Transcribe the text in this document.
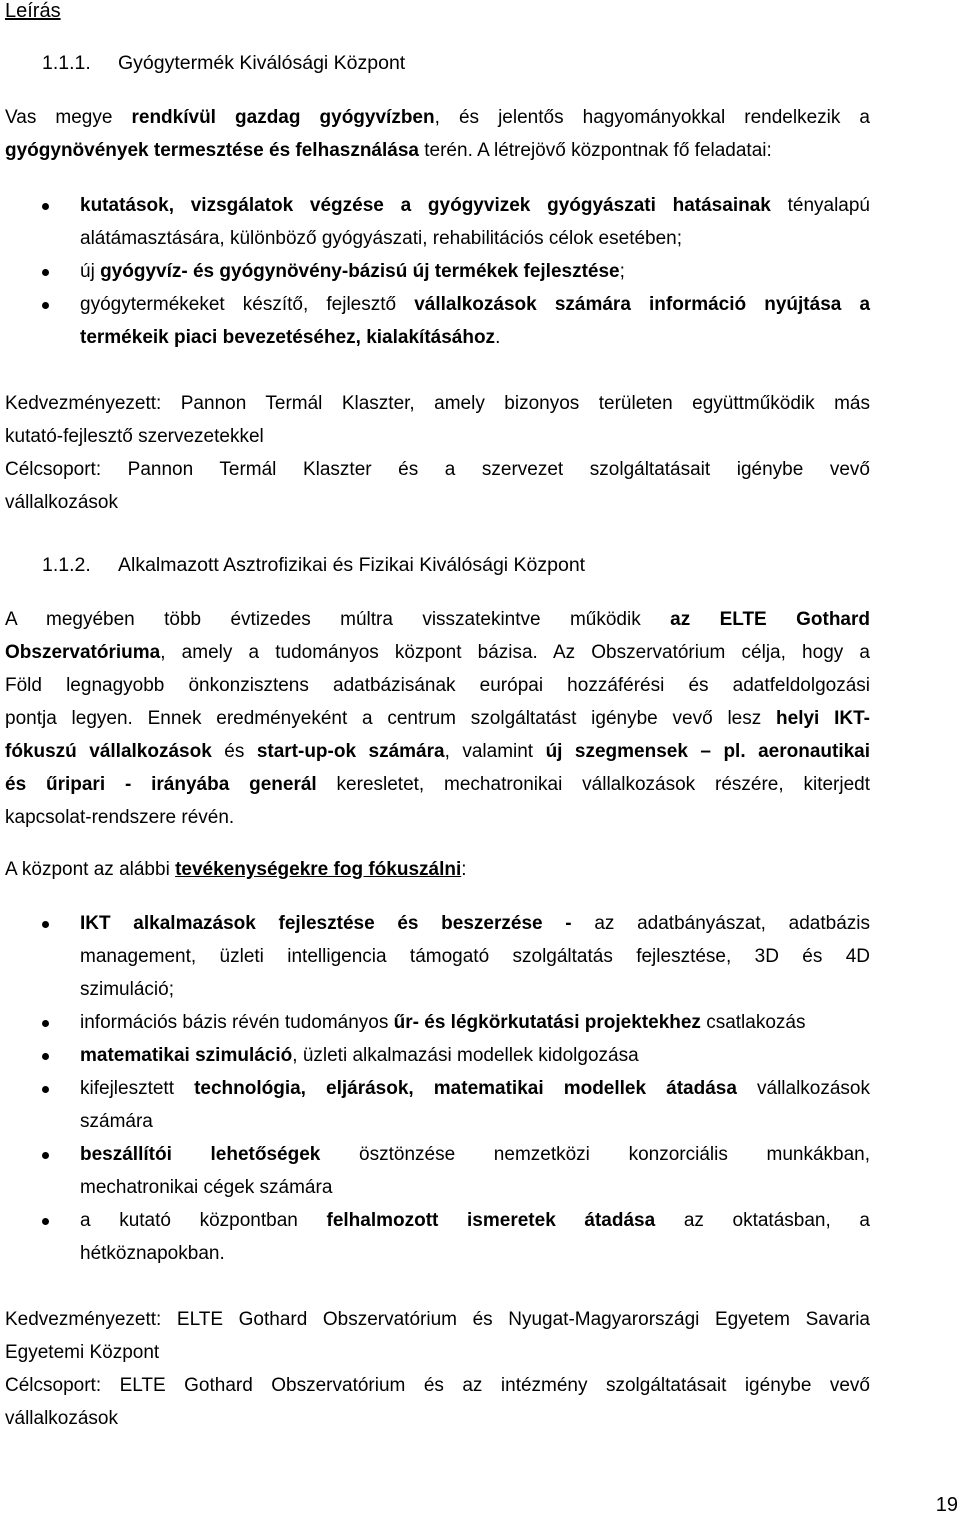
Leírás
1.1.1. Gyógytermék Kiválósági Központ
Vas megye rendkívül gazdag gyógyvízben, és jelentős hagyományokkal rendelkezik a
gyógynövények termesztése és felhasználása terén. A létrejövő központnak fő feladatai:
kutatások, vizsgálatok végzése a gyógyvizek gyógyászati hatásainak tényalapú
alátámasztására, különböző gyógyászati, rehabilitációs célok esetében;
új gyógyvíz- és gyógynövény-bázisú új termékek fejlesztése;
gyógytermékeket készítő, fejlesztő vállalkozások számára információ nyújtása a
termékeik piaci bevezetéséhez, kialakításához.
Kedvezményezett: Pannon Termál Klaszter, amely bizonyos területen együttműködik más
kutató-fejlesztő szervezetekkel
Célcsoport: Pannon Termál Klaszter és a szervezet szolgáltatásait igénybe vevő
vállalkozások
1.1.2. Alkalmazott Asztrofizikai és Fizikai Kiválósági Központ
A megyében több évtizedes múltra visszatekintve működik az ELTE Gothard
Obszervatóriuma, amely a tudományos központ bázisa. Az Obszervatórium célja, hogy a
Föld legnagyobb önkonzisztens adatbázisának európai hozzáférési és adatfeldolgozási
pontja legyen. Ennek eredményeként a centrum szolgáltatást igénybe vevő lesz helyi IKT-
fókuszú vállalkozások és start-up-ok számára, valamint új szegmensek – pl. aeronautikai
és űripari - irányába generál keresletet, mechatronikai vállalkozások részére, kiterjedt
kapcsolat-rendszere révén.
A központ az alábbi tevékenységekre fog fókuszálni:
IKT alkalmazások fejlesztése és beszerzése - az adatbányászat, adatbázis
management, üzleti intelligencia támogató szolgáltatás fejlesztése, 3D és 4D
szimuláció;
információs bázis révén tudományos űr- és légkörkutatási projektekhez csatlakozás
matematikai szimuláció, üzleti alkalmazási modellek kidolgozása
kifejlesztett technológia, eljárások, matematikai modellek átadása vállalkozások
számára
beszállítói lehetőségek ösztönzése nemzetközi konzorciális munkákban,
mechatronikai cégek számára
a kutató központban felhalmozott ismeretek átadása az oktatásban, a
hétköznapokban.
Kedvezményezett: ELTE Gothard Obszervatórium és Nyugat-Magyarországi Egyetem Savaria
Egyetemi Központ
Célcsoport: ELTE Gothard Obszervatórium és az intézmény szolgáltatásait igénybe vevő
vállalkozások
19
